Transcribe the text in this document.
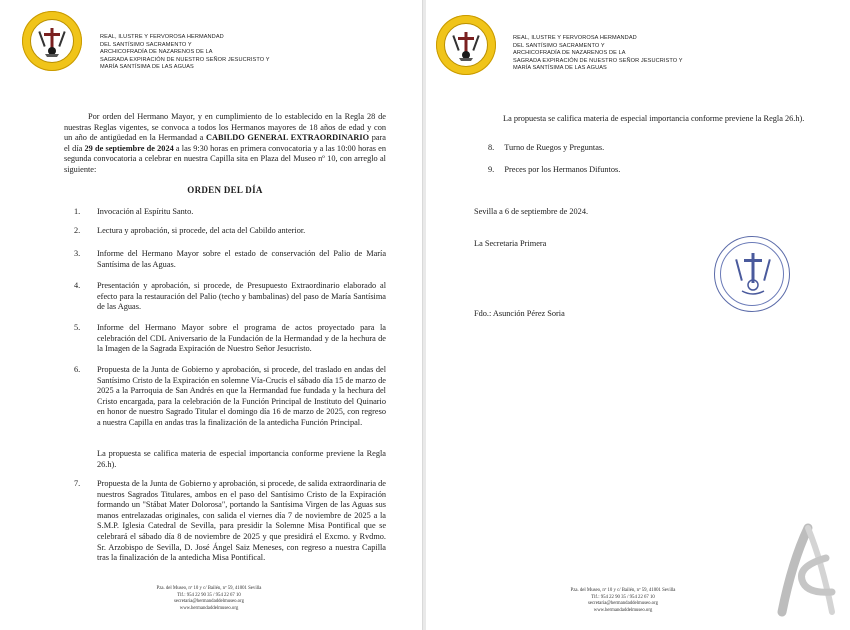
REAL, ILUSTRE Y FERVOROSA HERMANDAD
DEL SANTÍSIMO SACRAMENTO Y
ARCHICOFRADÍA DE NAZARENOS DE LA
SAGRADA EXPIRACIÓN DE NUESTRO SEÑOR JESUCRISTO Y
MARÍA SANTÍSIMA DE LAS AGUAS
Por orden del Hermano Mayor, y en cumplimiento de lo establecido en la Regla 28 de nuestras Reglas vigentes, se convoca a todos los Hermanos mayores de 18 años de edad y con un año de antigüedad en la Hermandad a CABILDO GENERAL EXTRAORDINARIO para el día 29 de septiembre de 2024 a las 9:30 horas en primera convocatoria y a las 10:00 horas en segunda convocatoria a celebrar en nuestra Capilla sita en Plaza del Museo nº 10, con arreglo al siguiente:
ORDEN DEL DÍA
1. Invocación al Espíritu Santo.
2. Lectura y aprobación, si procede, del acta del Cabildo anterior.
3. Informe del Hermano Mayor sobre el estado de conservación del Palio de María Santísima de las Aguas.
4. Presentación y aprobación, si procede, de Presupuesto Extraordinario elaborado al efecto para la restauración del Palio (techo y bambalinas) del paso de María Santísima de las Aguas.
5. Informe del Hermano Mayor sobre el programa de actos proyectado para la celebración del CDL Aniversario de la Fundación de la Hermandad y de la hechura de la Imagen de la Sagrada Expiración de Nuestro Señor Jesucristo.
6. Propuesta de la Junta de Gobierno y aprobación, si procede, del traslado en andas del Santísimo Cristo de la Expiración en solemne Vía-Crucis el sábado día 15 de marzo de 2025 a la Parroquia de San Andrés en que la Hermandad fue fundada y la hechura del Cristo encargada, para la celebración de la Función Principal de Instituto del Quinario en honor de nuestro Sagrado Titular el domingo día 16 de marzo de 2025, con regreso a nuestra Capilla en andas tras la finalización de la antedicha Función Principal.
La propuesta se califica materia de especial importancia conforme previene la Regla 26.h).
7. Propuesta de la Junta de Gobierno y aprobación, si procede, de salida extraordinaria de nuestros Sagrados Titulares, ambos en el paso del Santísimo Cristo de la Expiración formando un "Stábat Mater Dolorosa", portando la Santísima Virgen de las Aguas sus manos entrelazadas originales, con salida el viernes día 7 de noviembre de 2025 a la S.M.P. Iglesia Catedral de Sevilla, para presidir la Solemne Misa Pontifical que se celebrará el sábado día 8 de noviembre de 2025 y que presidirá el Excmo. y Rvdmo. Sr. Arzobispo de Sevilla, D. José Ángel Saiz Meneses, con regreso a nuestra Capilla tras la finalización de la antedicha Misa Pontifical.
Pza. del Museo, nº 10 y c/ Bailén, nº 59, 41001 Sevilla
Tlf.: 954 22 90 35 / 954 22 67 10
secretaria@hermandaddelmuseo.org
www.hermandaddelmuseo.org
REAL, ILUSTRE Y FERVOROSA HERMANDAD
DEL SANTÍSIMO SACRAMENTO Y
ARCHICOFRADÍA DE NAZARENOS DE LA
SAGRADA EXPIRACIÓN DE NUESTRO SEÑOR JESUCRISTO Y
MARÍA SANTÍSIMA DE LAS AGUAS
La propuesta se califica materia de especial importancia conforme previene la Regla 26.h).
8. Turno de Ruegos y Preguntas.
9. Preces por los Hermanos Difuntos.
Sevilla a 6 de septiembre de 2024.
La Secretaria Primera
Fdo.: Asunción Pérez Soria
Pza. del Museo, nº 10 y c/ Bailén, nº 59, 41001 Sevilla
Tlf.: 954 22 90 35 / 954 22 67 10
secretaria@hermandaddelmuseo.org
www.hermandaddelmuseo.org
